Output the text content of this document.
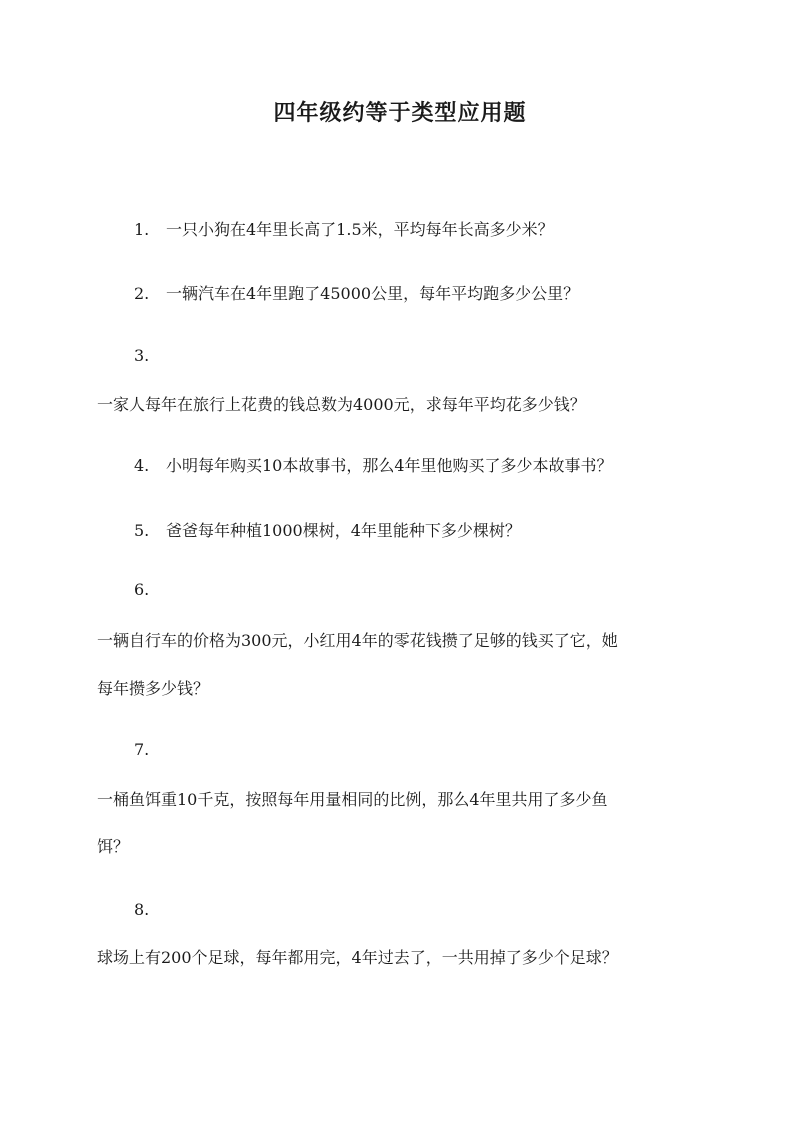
四年级约等于类型应用题
1. 一只小狗在4年里长高了1.5米，平均每年长高多少米？
2. 一辆汽车在4年里跑了45000公里，每年平均跑多少公里？
3.
一家人每年在旅行上花费的钱总数为4000元，求每年平均花多少钱？
4. 小明每年购买10本故事书，那么4年里他购买了多少本故事书？
5. 爸爸每年种植1000棵树，4年里能种下多少棵树？
6.
一辆自行车的价格为300元，小红用4年的零花钱攒了足够的钱买了它，她
每年攒多少钱？
7.
一桶鱼饵重10千克，按照每年用量相同的比例，那么4年里共用了多少鱼
饵？
8.
球场上有200个足球，每年都用完，4年过去了，一共用掉了多少个足球？
